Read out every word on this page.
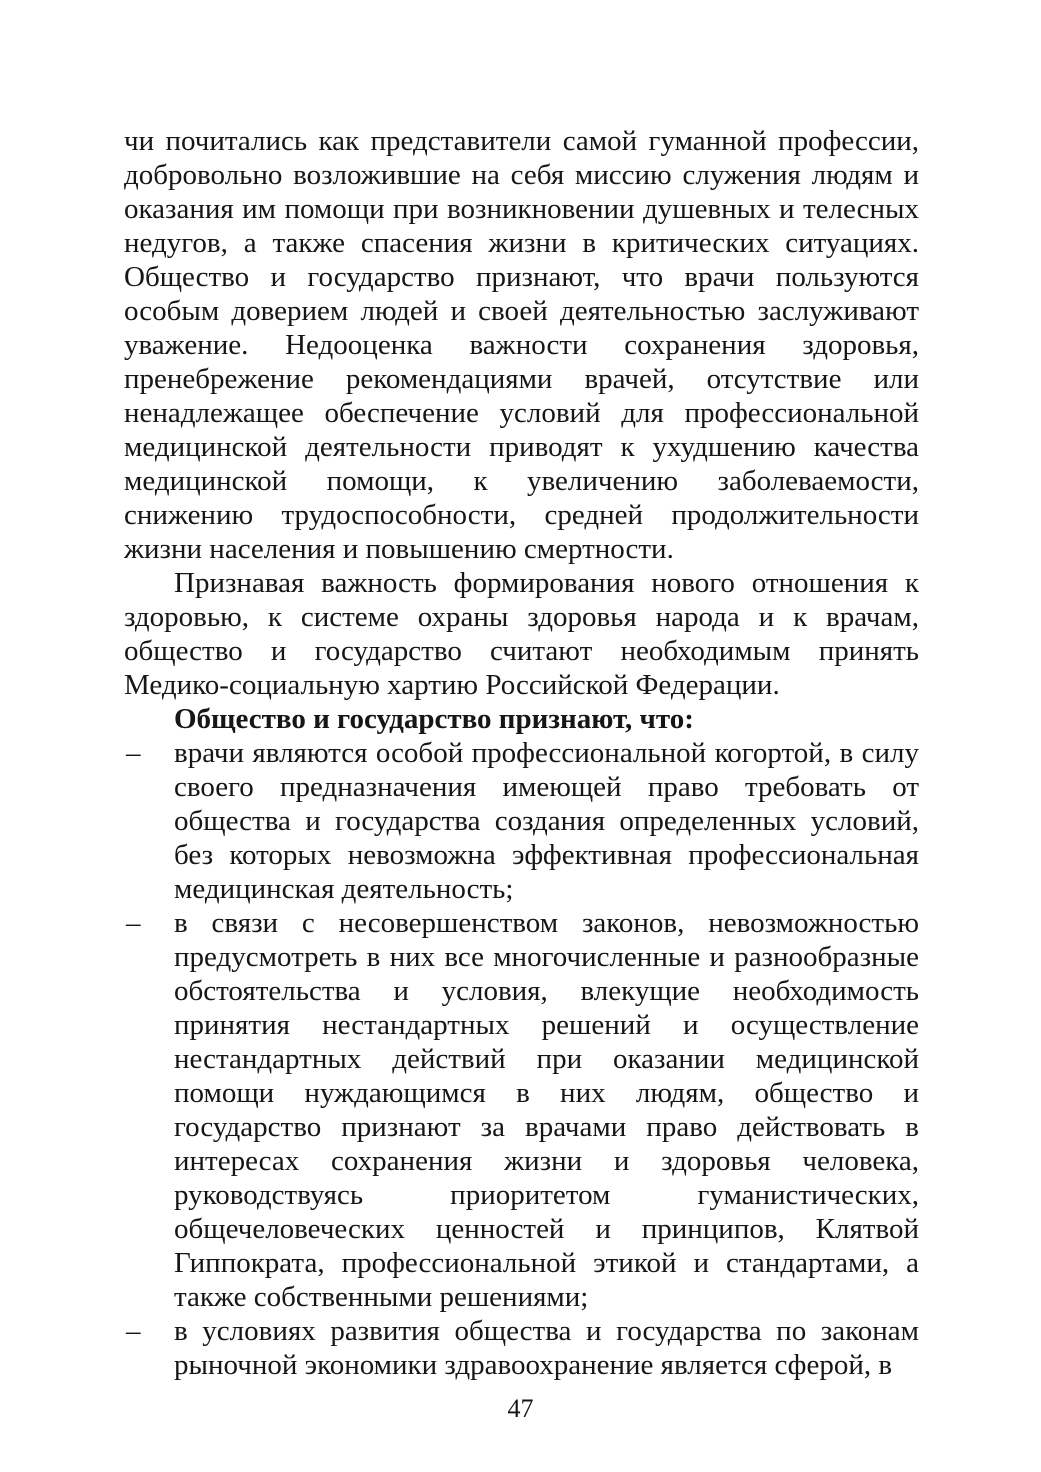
чи почитались как представители самой гуманной профессии, добровольно возложившие на себя миссию служения людям и оказания им помощи при возникновении душевных и телесных недугов, а также спасения жизни в критических ситуациях. Общество и государство признают, что врачи пользуются особым доверием людей и своей деятельностью заслуживают уважение. Недооценка важности сохранения здоровья, пренебрежение рекомендациями врачей, отсутствие или ненадлежащее обеспечение условий для профессиональной медицинской деятельности приводят к ухудшению качества медицинской помощи, к увеличению заболеваемости, снижению трудоспособности, средней продолжительности жизни населения и повышению смертности.

Признавая важность формирования нового отношения к здоровью, к системе охраны здоровья народа и к врачам, общество и государство считают необходимым принять Медико-социальную хартию Российской Федерации.

Общество и государство признают, что:

– врачи являются особой профессиональной когортой, в силу своего предназначения имеющей право требовать от общества и государства создания определенных условий, без которых невозможна эффективная профессиональная медицинская деятельность;
– в связи с несовершенством законов, невозможностью предусмотреть в них все многочисленные и разнообразные обстоятельства и условия, влекущие необходимость принятия нестандартных решений и осуществление нестандартных действий при оказании медицинской помощи нуждающимся в них людям, общество и государство признают за врачами право действовать в интересах сохранения жизни и здоровья человека, руководствуясь приоритетом гуманистических, общечеловеческих ценностей и принципов, Клятвой Гиппократа, профессиональной этикой и стандартами, а также собственными решениями;
– в условиях развития общества и государства по законам рыночной экономики здравоохранение является сферой, в
47
